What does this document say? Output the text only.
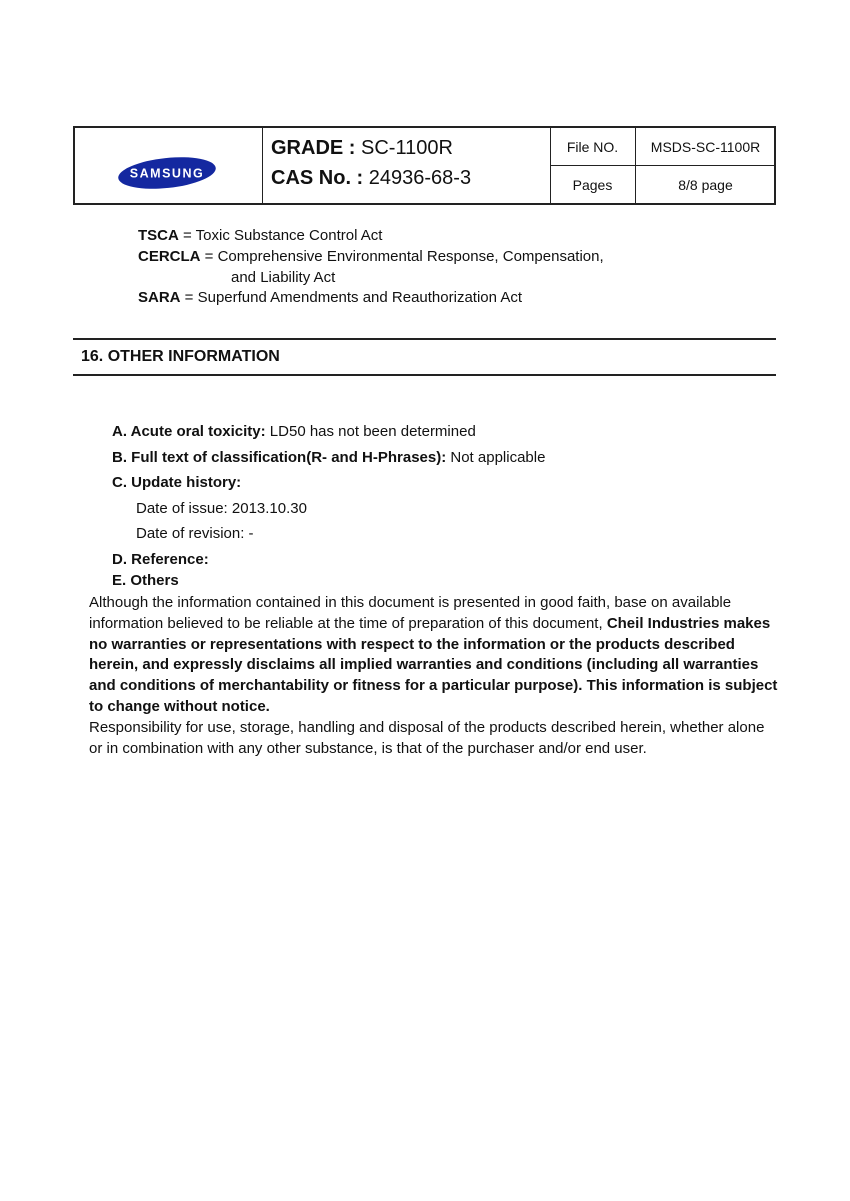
SAMSUNG
GRADE : SC-1100R
CAS No. : 24936-68-3
File NO.
Pages
MSDS-SC-1100R
8/8 page
TSCA = Toxic Substance Control Act
CERCLA = Comprehensive Environmental Response, Compensation,
and Liability Act
SARA = Superfund Amendments and Reauthorization Act
16. OTHER INFORMATION
A. Acute oral toxicity: LD50 has not been determined
B. Full text of classification(R- and H-Phrases): Not applicable
C. Update history:
Date of issue: 2013.10.30
Date of revision: -
D. Reference:
E. Others
Although the information contained in this document is presented in good faith, base on available information believed to be reliable at the time of preparation of this document, Cheil Industries makes no warranties or representations with respect to the information or the products described herein, and expressly disclaims all implied warranties and conditions (including all warranties and conditions of merchantability or fitness for a particular purpose). This information is subject to change without notice.
Responsibility for use, storage, handling and disposal of the products described herein, whether alone or in combination with any other substance, is that of the purchaser and/or end user.
